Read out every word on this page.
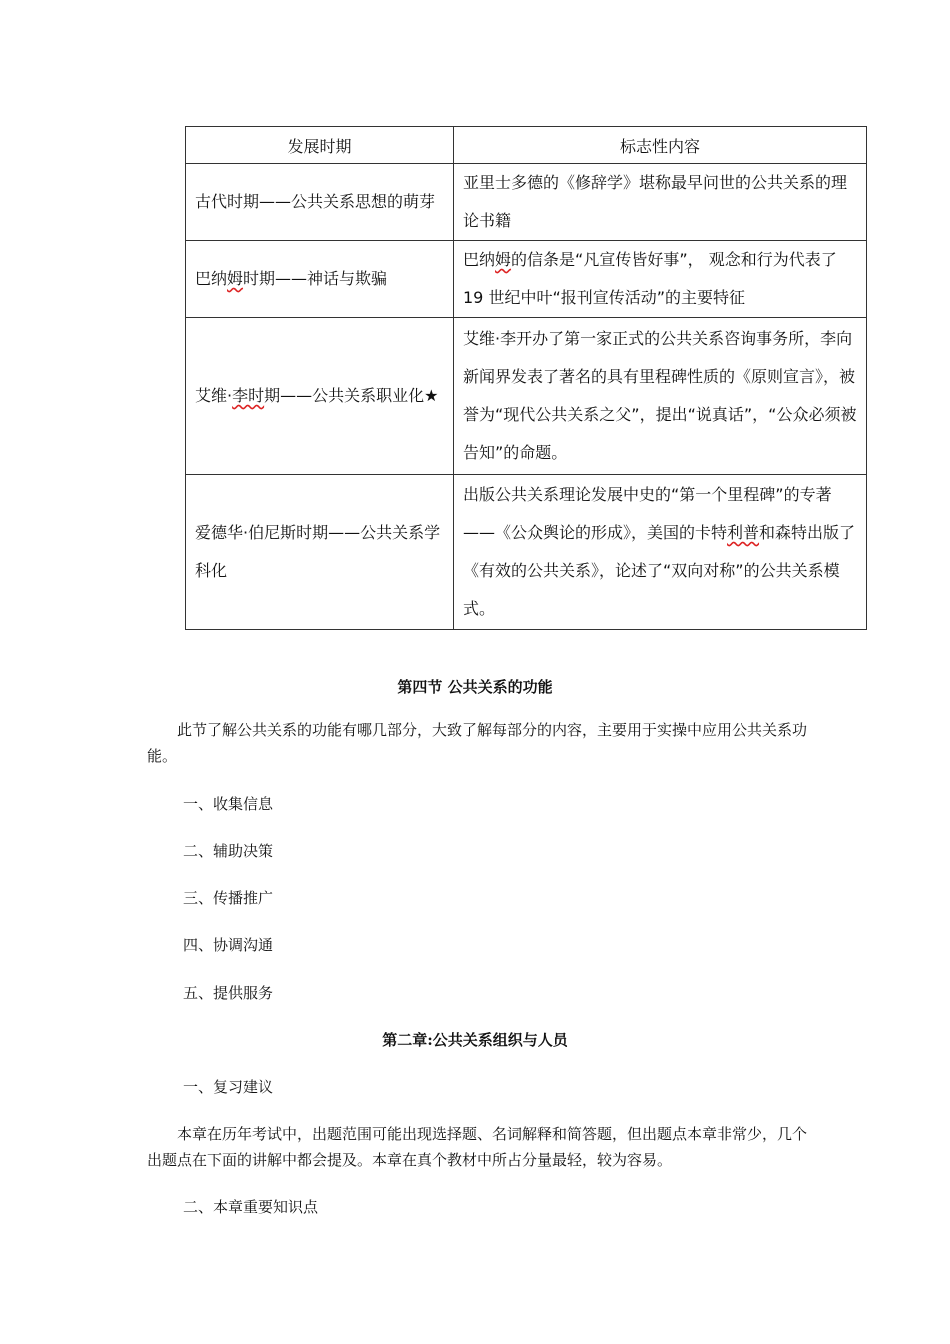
发展时期	标志性内容

古代时期——公共关系思想的萌芽	亚里士多德的《修辞学》堪称最早问世的公共关系的理论书籍

巴纳姆时期——神话与欺骗	巴纳姆的信条是“凡宣传皆好事”， 观念和行为代表了 19 世纪中叶“报刊宣传活动”的主要特征

艾维·李时期——公共关系职业化★	艾维·李开办了第一家正式的公共关系咨询事务所，李向新闻界发表了著名的具有里程碑性质的《原则宣言》，被誉为“现代公共关系之父”，提出“说真话”，“公众必须被告知”的命题。

爱德华·伯尼斯时期——公共关系学科化	出版公共关系理论发展中史的“第一个里程碑”的专著——《公众舆论的形成》，美国的卡特利普和森特出版了《有效的公共关系》，论述了“双向对称”的公共关系模式。
第四节 公共关系的功能
此节了解公共关系的功能有哪几部分，大致了解每部分的内容，主要用于实操中应用公共关系功能。
一、收集信息
二、辅助决策
三、传播推广
四、协调沟通
五、提供服务
第二章:公共关系组织与人员
一、复习建议
本章在历年考试中，出题范围可能出现选择题、名词解释和简答题，但出题点本章非常少，几个出题点在下面的讲解中都会提及。本章在真个教材中所占分量最轻，较为容易。
二、本章重要知识点
